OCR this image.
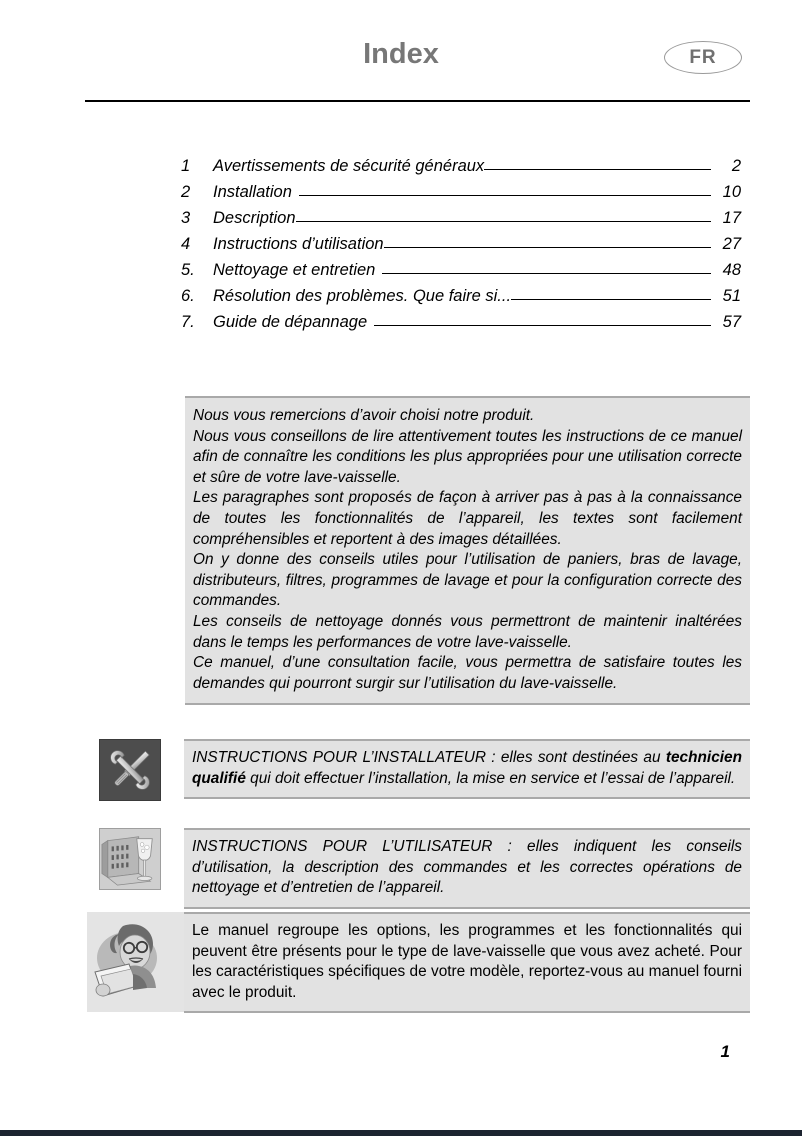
Index	FR
1	Avertissements de sécurité généraux	2
2	Installation	10
3	Description	17
4	Instructions d’utilisation	27
5.	Nettoyage et entretien	48
6.	Résolution des problèmes. Que faire si...	51
7.	Guide de dépannage	57

Nous vous remercions d’avoir choisi notre produit.

Nous vous conseillons de lire attentivement toutes les instructions de ce manuel afin de connaître les conditions les plus appropriées pour une utilisation correcte et sûre de votre lave-vaisselle.

Les paragraphes sont proposés de façon à arriver pas à pas à la connaissance de toutes les fonctionnalités de l’appareil, les textes sont facilement compréhensibles et reportent à des images détaillées.

On y donne des conseils utiles pour l’utilisation de paniers, bras de lavage, distributeurs, filtres, programmes de lavage et pour la configuration correcte des commandes.

Les conseils de nettoyage donnés vous permettront de maintenir inaltérées dans le temps les performances de votre lave-vaisselle.

Ce manuel, d’une consultation facile, vous permettra de satisfaire toutes les demandes qui pourront surgir sur l’utilisation du lave-vaisselle.

INSTRUCTIONS POUR L’INSTALLATEUR : elles sont destinées au technicien qualifié qui doit effectuer l’installation, la mise en service et l’essai de l’appareil.

INSTRUCTIONS POUR L’UTILISATEUR : elles indiquent les conseils d’utilisation, la description des commandes et les correctes opérations de nettoyage et d’entretien de l’appareil.

Le manuel regroupe les options, les programmes et les fonctionnalités qui peuvent être présents pour le type de lave-vaisselle que vous avez acheté. Pour les caractéristiques spécifiques de votre modèle, reportez-vous au manuel fourni avec le produit.

1
